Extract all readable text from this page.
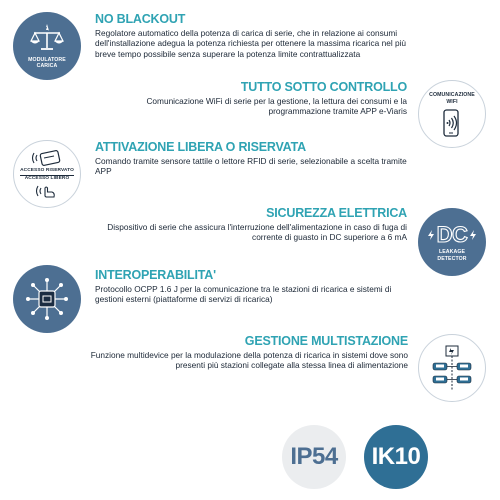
MODULATORE
CARICA
NO BLACKOUT
Regolatore automatico della potenza di carica di serie, che in relazione ai consumi dell'installazione adegua la potenza richiesta per ottenere la massima ricarica nel più breve tempo possibile senza superare la potenza limite contrattualizzata
TUTTO SOTTO CONTROLLO
Comunicazione WiFi di serie per la gestione, la lettura dei consumi e la programmazione tramite APP e-Viaris
COMUNICAZIONE
WIFI
ACCESSO RISERVATO
ACCESSO LIBERO
ATTIVAZIONE LIBERA O RISERVATA
Comando tramite sensore tattile o lettore RFID di serie, selezionabile a scelta tramite APP
SICUREZZA ELETTRICA
Dispositivo di serie che assicura l'interruzione dell'alimentazione in caso di fuga di corrente di guasto in DC superiore a 6 mA DC
LEAKAGE
DETECTOR
INTEROPERABILITA'
Protocollo OCPP 1.6 J per la comunicazione tra le stazioni di ricarica e sistemi di gestioni esterni (piattaforme di servizi di ricarica)
GESTIONE MULTISTAZIONE
Funzione multidevice per la modulazione della potenza di ricarica in sistemi dove sono presenti più stazioni collegate alla stessa linea di alimentazione
IP54 IK10
